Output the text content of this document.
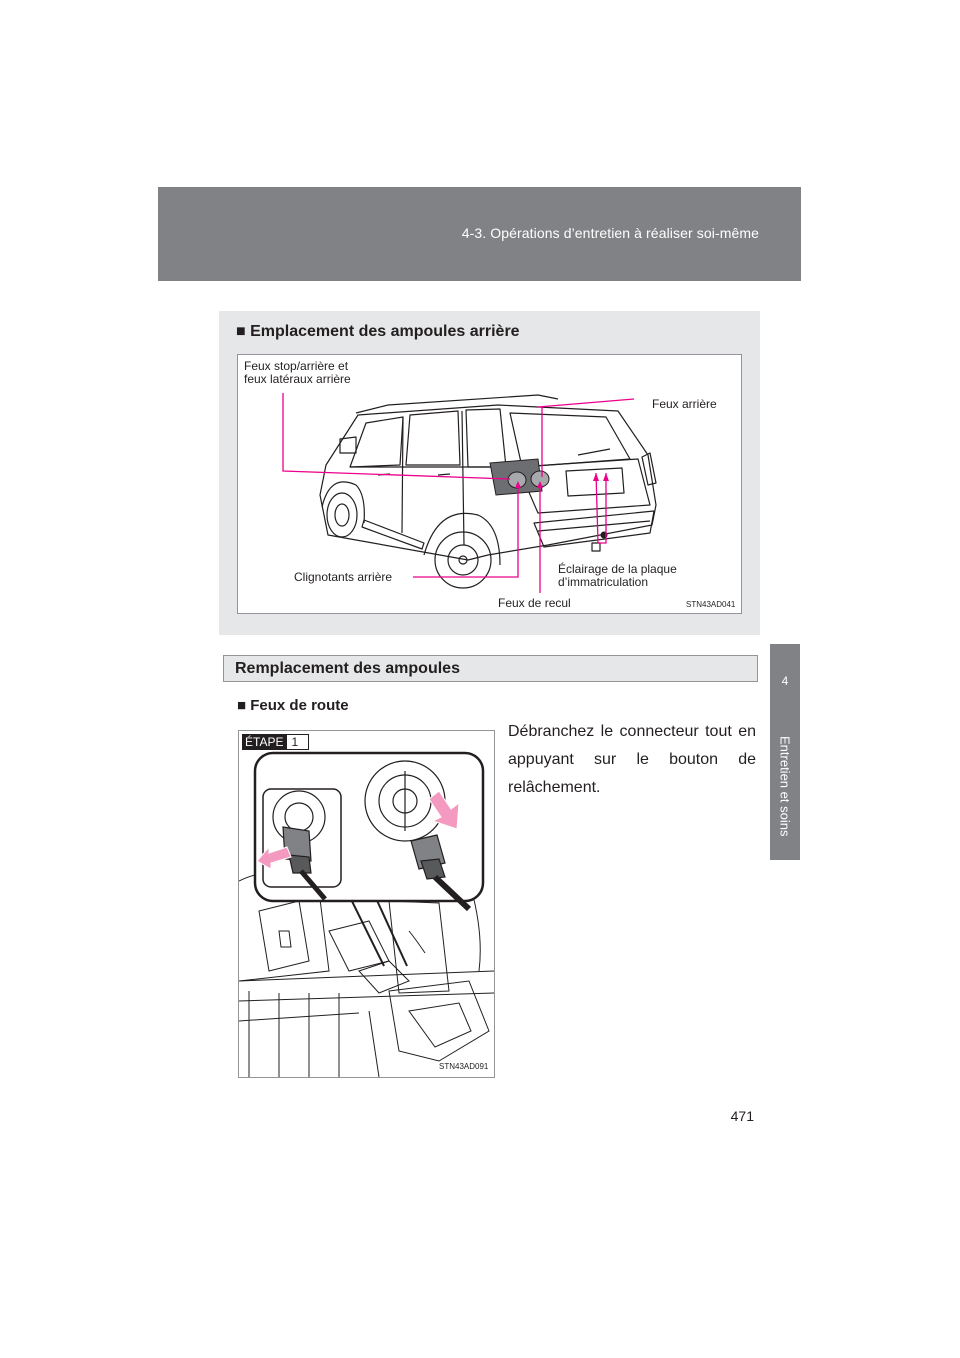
4-3. Opérations d’entretien à réaliser soi-même
4
Entretien et soins
■ Emplacement des ampoules arrière
Feux stop/arrière et
feux latéraux arrière
Feux arrière
Clignotants arrière
Feux de recul
Éclairage de la plaque
d’immatriculation
STN43AD041
Remplacement des ampoules
■ Feux de route
ÉTAPE 1
STN43AD091
Débranchez le connecteur tout en appuyant sur le bouton de relâchement.
471
